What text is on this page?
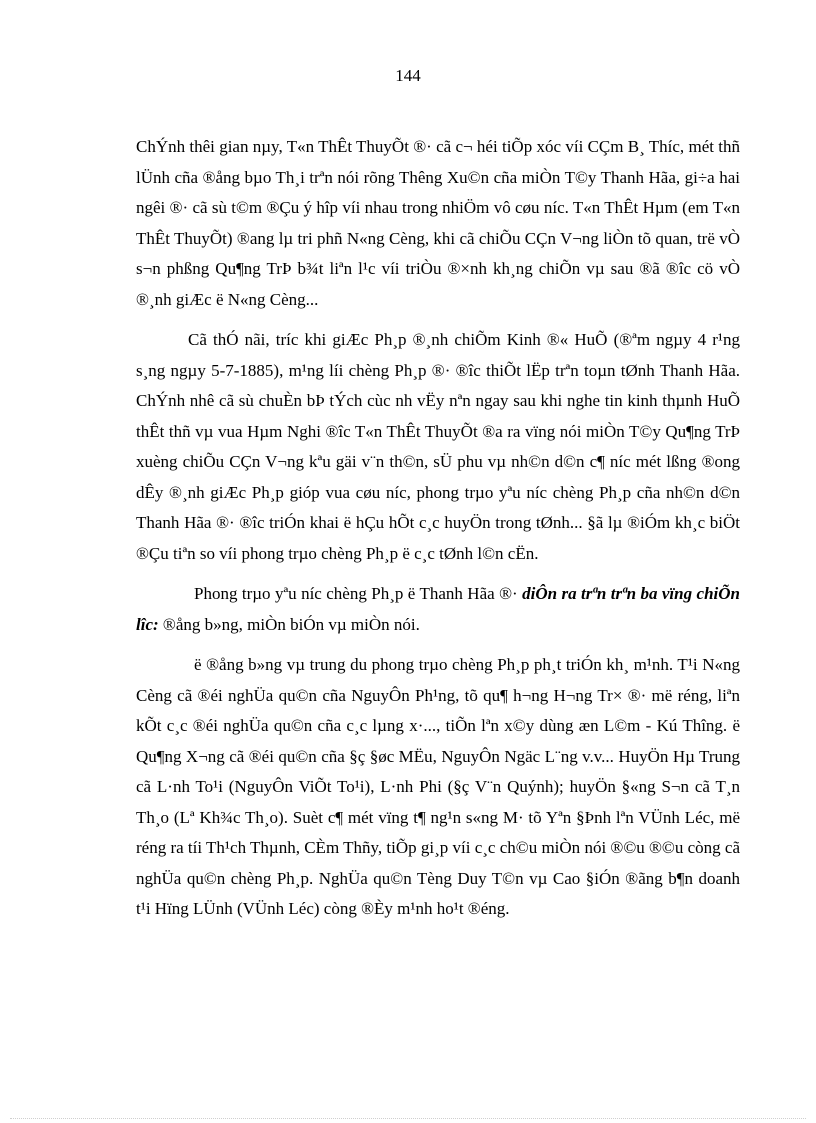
144

ChÝnh thêi gian nµy, T«n ThÊt ThuyÕt ®· cã c¬ héi tiÕp xóc víi CÇm B¸ Thíc, mét thñ lÜnh cña ®ång bµo Th¸i trªn nói rõng Thêng Xu©n cña miÒn T©y Thanh Hãa, gi÷a hai ngêi ®· cã sù t©m ®Çu ý hîp víi nhau trong nhiÖm vô cøu níc. T«n ThÊt Hµm (em T«n ThÊt ThuyÕt) ®ang lµ tri phñ N«ng Cèng, khi cã chiÕu CÇn V¬ng liÒn tõ quan, trë vÒ s¬n phßng Qu¶ng TrÞ b¾t liªn l¹c víi triÒu ®×nh kh¸ng chiÕn vµ sau ®ã ®îc cö vÒ ®¸nh giÆc ë N«ng Cèng...

Cã thÓ nãi, tríc khi giÆc Ph¸p ®¸nh chiÕm Kinh ®« HuÕ (®ªm ngµy 4 r¹ng s¸ng ngµy 5-7-1885), m¹ng líi chèng Ph¸p ®· ®îc thiÕt lËp trªn toµn tØnh Thanh Hãa. ChÝnh nhê cã sù chuÈn bÞ tÝch cùc nh vËy nªn ngay sau khi nghe tin kinh thµnh HuÕ thÊt thñ vµ vua Hµm Nghi ®îc T«n ThÊt ThuyÕt ®a ra vïng nói miÒn T©y Qu¶ng TrÞ xuèng chiÕu CÇn V¬ng kªu gäi v¨n th©n, sÜ phu vµ nh©n d©n c¶ níc mét lßng ®ong dÊy ®¸nh giÆc Ph¸p gióp vua cøu níc, phong trµo yªu níc chèng Ph¸p cña nh©n d©n Thanh Hãa ®· ®îc triÓn khai ë hÇu hÕt c¸c huyÖn trong tØnh... §ã lµ ®iÓm kh¸c biÖt ®Çu tiªn so víi phong trµo chèng Ph¸p ë c¸c tØnh l©n cËn.

Phong trµo yªu níc chèng Ph¸p ë Thanh Hãa ®· diÔn ra trªn trªn ba vïng chiÕn lîc: ®ång b»ng, miÒn biÓn vµ miÒn nói.

ë ®ång b»ng vµ trung du phong trµo chèng Ph¸p ph¸t triÓn kh¸ m¹nh. T¹i N«ng Cèng cã ®éi nghÜa qu©n cña NguyÔn Ph¹ng, tõ qu¶ h¬ng H¬ng Tr× ®· më réng, liªn kÕt c¸c ®éi nghÜa qu©n cña c¸c lµng x·..., tiÕn lªn x©y dùng æn L©m - Kú Thîng. ë Qu¶ng X¬ng cã ®éi qu©n cña §ç §øc MËu, NguyÔn Ngäc L¨ng v.v... HuyÖn Hµ Trung cã L·nh To¹i (NguyÔn ViÕt To¹i), L·nh Phi (§ç V¨n Quýnh); huyÖn §«ng S¬n cã T¸n Th¸o (Lª Kh¾c Th¸o). Suèt c¶ mét vïng t¶ ng¹n s«ng M· tõ Yªn §Þnh lªn VÜnh Léc, më réng ra tíi Th¹ch Thµnh, CÈm Thñy, tiÕp gi¸p víi c¸c ch©u miÒn nói ®©u ®©u còng cã nghÜa qu©n chèng Ph¸p. NghÜa qu©n Tèng Duy T©n vµ Cao §iÓn ®ãng b¶n doanh t¹i Hïng LÜnh (VÜnh Léc) còng ®Èy m¹nh ho¹t ®éng.
